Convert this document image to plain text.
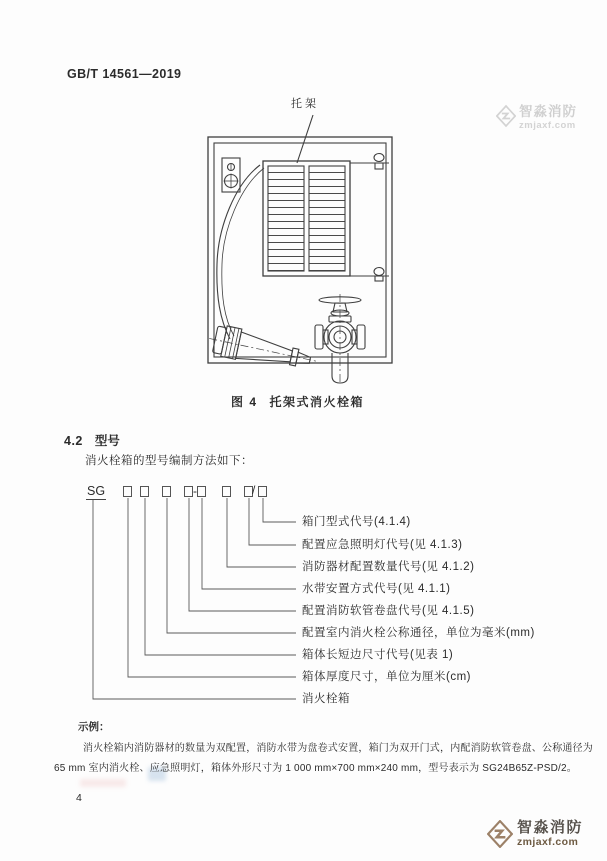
GB/T 14561—2019
智淼消防
zmjaxf.com
托架
图 4 托架式消火栓箱
4.2 型号
消火栓箱的型号编制方法如下：
SG	-	/
箱门型式代号(4.1.4)
配置应急照明灯代号(见 4.1.3)
消防器材配置数量代号(见 4.1.2)
水带安置方式代号(见 4.1.1)
配置消防软管卷盘代号(见 4.1.5)
配置室内消火栓公称通径，单位为毫米(mm)
箱体长短边尺寸代号(见表 1)
箱体厚度尺寸，单位为厘米(cm)
消火栓箱
示例：
消火栓箱内消防器材的数量为双配置，消防水带为盘卷式安置，箱门为双开门式，内配消防软管卷盘、公称通径为
65 mm 室内消火栓、应急照明灯，箱体外形尺寸为 1 000 mm×700 mm×240 mm，型号表示为 SG24B65Z-PSD/2。
4
智淼消防
zmjaxf.com
